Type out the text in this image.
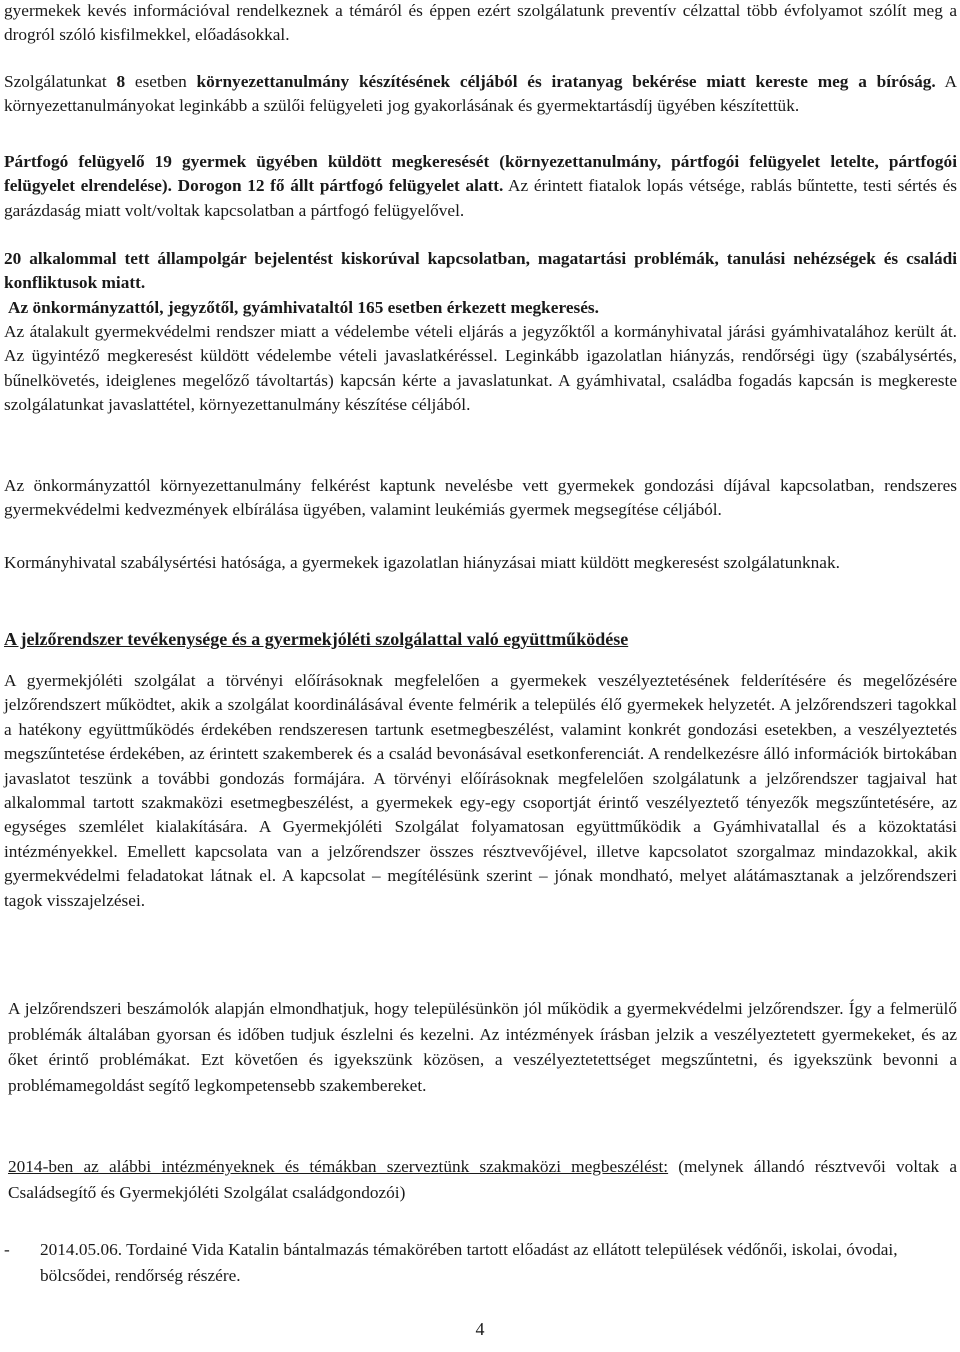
gyermekek kevés információval rendelkeznek a témáról és éppen ezért szolgálatunk preventív célzattal több évfolyamot szólít meg a drogról szóló kisfilmekkel, előadásokkal.

Szolgálatunkat 8 esetben környezettanulmány készítésének céljából és iratanyag bekérése miatt kereste meg a bíróság. A környezettanulmányokat leginkább a szülői felügyeleti jog gyakorlásának és gyermektartásdíj ügyében készítettük.

Pártfogó felügyelő 19 gyermek ügyében küldött megkeresését (környezettanulmány, pártfogói felügyelet letelte, pártfogói felügyelet elrendelése). Dorogon 12 fő állt pártfogó felügyelet alatt. Az érintett fiatalok lopás vétsége, rablás bűntette, testi sértés és garázdaság miatt volt/voltak kapcsolatban a pártfogó felügyelővel.

20 alkalommal tett állampolgár bejelentést kiskorúval kapcsolatban, magatartási problémák, tanulási nehézségek és családi konfliktusok miatt.

Az önkormányzattól, jegyzőtől, gyámhivataltól 165 esetben érkezett megkeresés.

Az átalakult gyermekvédelmi rendszer miatt a védelembe vételi eljárás a jegyzőktől a kormányhivatal járási gyámhivatalához került át. Az ügyintéző megkeresést küldött védelembe vételi javaslatkéréssel. Leginkább igazolatlan hiányzás, rendőrségi ügy (szabálysértés, bűnelkövetés, ideiglenes megelőző távoltartás) kapcsán kérte a javaslatunkat. A gyámhivatal, családba fogadás kapcsán is megkereste szolgálatunkat javaslattétel, környezettanulmány készítése céljából.

Az önkormányzattól környezettanulmány felkérést kaptunk nevelésbe vett gyermekek gondozási díjával kapcsolatban, rendszeres gyermekvédelmi kedvezmények elbírálása ügyében, valamint leukémiás gyermek megsegítése céljából.

Kormányhivatal szabálysértési hatósága, a gyermekek igazolatlan hiányzásai miatt küldött megkeresést szolgálatunknak.

A jelzőrendszer tevékenysége és a gyermekjóléti szolgálattal való együttműködése

A gyermekjóléti szolgálat a törvényi előírásoknak megfelelően a gyermekek veszélyeztetésének felderítésére és megelőzésére jelzőrendszert működtet, akik a szolgálat koordinálásával évente felmérik a település élő gyermekek helyzetét. A jelzőrendszeri tagokkal a hatékony együttműködés érdekében rendszeresen tartunk esetmegbeszélést, valamint konkrét gondozási esetekben, a veszélyeztetés megszűntetése érdekében, az érintett szakemberek és a család bevonásával esetkonferenciát. A rendelkezésre álló információk birtokában javaslatot teszünk a további gondozás formájára. A törvényi előírásoknak megfelelően szolgálatunk a jelzőrendszer tagjaival hat alkalommal tartott szakmaközi esetmegbeszélést, a gyermekek egy-egy csoportját érintő veszélyeztető tényezők megszűntetésére, az egységes szemlélet kialakítására. A Gyermekjóléti Szolgálat folyamatosan együttműködik a Gyámhivatallal és a közoktatási intézményekkel. Emellett kapcsolata van a jelzőrendszer összes résztvevőjével, illetve kapcsolatot szorgalmaz mindazokkal, akik gyermekvédelmi feladatokat látnak el. A kapcsolat – megítélésünk szerint – jónak mondható, melyet alátámasztanak a jelzőrendszeri tagok visszajelzései.

A jelzőrendszeri beszámolók alapján elmondhatjuk, hogy településünkön jól működik a gyermekvédelmi jelzőrendszer. Így a felmerülő problémák általában gyorsan és időben tudjuk észlelni és kezelni. Az intézmények írásban jelzik a veszélyeztetett gyermekeket, és az őket érintő problémákat. Ezt követően és igyekszünk közösen, a veszélyeztetettséget megszűntetni, és igyekszünk bevonni a problémamegoldást segítő legkompetensebb szakembereket.

2014-ben az alábbi intézményeknek és témákban szerveztünk szakmaközi megbeszélést: (melynek állandó résztvevői voltak a Családsegítő és Gyermekjóléti Szolgálat családgondozói)

- 2014.05.06. Tordainé Vida Katalin bántalmazás témakörében tartott előadást az ellátott települések védőnői, iskolai, óvodai, bölcsődei, rendőrség részére.

4
